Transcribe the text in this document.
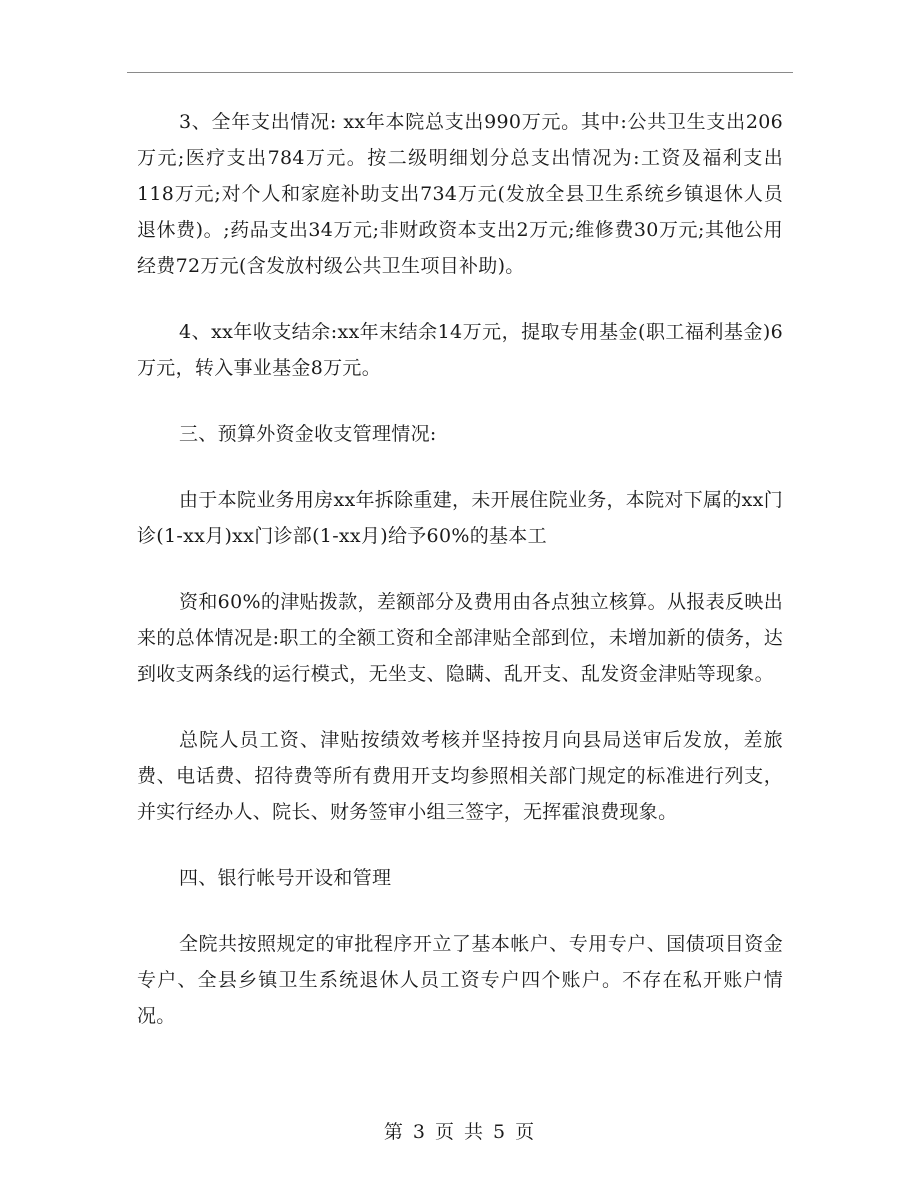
3、全年支出情况: xx年本院总支出990万元。其中:公共卫生支出206万元;医疗支出784万元。按二级明细划分总支出情况为:工资及福利支出118万元;对个人和家庭补助支出734万元(发放全县卫生系统乡镇退休人员退休费)。;药品支出34万元;非财政资本支出2万元;维修费30万元;其他公用经费72万元(含发放村级公共卫生项目补助)。

4、xx年收支结余:xx年末结余14万元，提取专用基金(职工福利基金)6万元，转入事业基金8万元。

三、预算外资金收支管理情况:

由于本院业务用房xx年拆除重建，未开展住院业务，本院对下属的xx门诊(1-xx月)xx门诊部(1-xx月)给予60%的基本工

资和60%的津贴拨款，差额部分及费用由各点独立核算。从报表反映出来的总体情况是:职工的全额工资和全部津贴全部到位，未增加新的债务，达到收支两条线的运行模式，无坐支、隐瞒、乱开支、乱发资金津贴等现象。

总院人员工资、津贴按绩效考核并坚持按月向县局送审后发放，差旅费、电话费、招待费等所有费用开支均参照相关部门规定的标准进行列支，并实行经办人、院长、财务签审小组三签字，无挥霍浪费现象。

四、银行帐号开设和管理

全院共按照规定的审批程序开立了基本帐户、专用专户、国债项目资金专户、全县乡镇卫生系统退休人员工资专户四个账户。不存在私开账户情况。

第 3 页 共 5 页
